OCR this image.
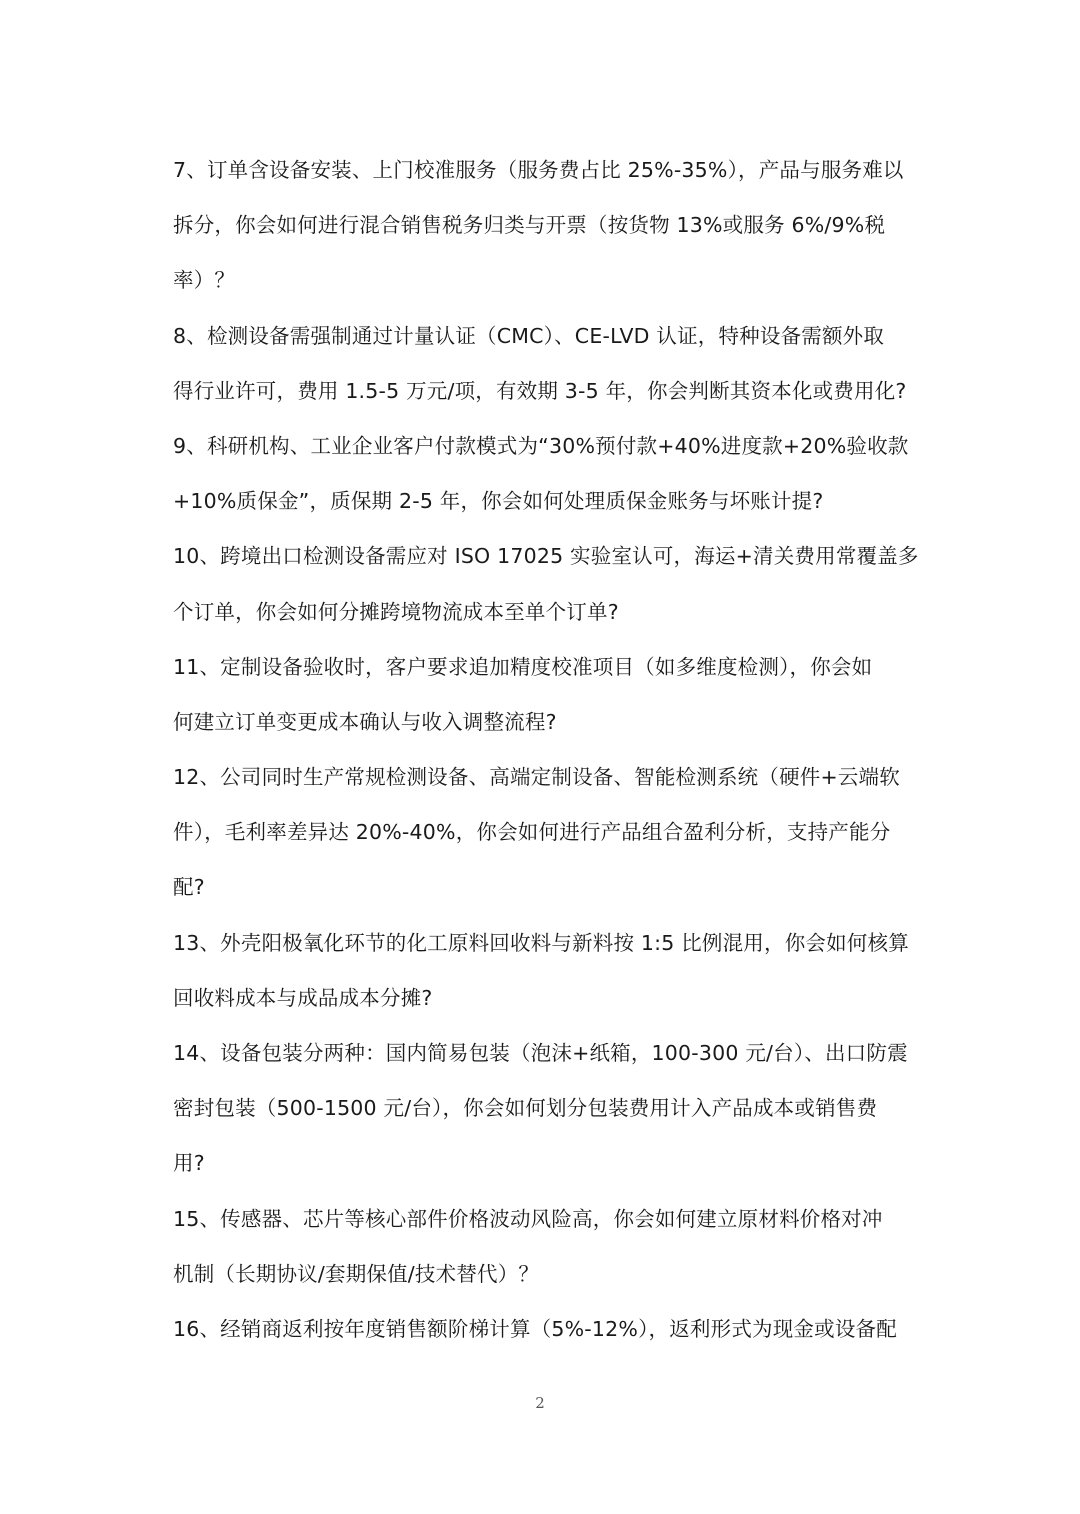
7、订单含设备安装、上门校准服务（服务费占比 25%-35%），产品与服务难以
拆分，你会如何进行混合销售税务归类与开票（按货物 13%或服务 6%/9%税
率）？
8、检测设备需强制通过计量认证（CMC）、CE-LVD 认证，特种设备需额外取
得行业许可，费用 1.5-5 万元/项，有效期 3-5 年，你会判断其资本化或费用化?
9、科研机构、工业企业客户付款模式为“30%预付款+40%进度款+20%验收款
+10%质保金”，质保期 2-5 年，你会如何处理质保金账务与坏账计提?
10、跨境出口检测设备需应对 ISO 17025 实验室认可，海运+清关费用常覆盖多
个订单，你会如何分摊跨境物流成本至单个订单?
11、定制设备验收时，客户要求追加精度校准项目（如多维度检测），你会如
何建立订单变更成本确认与收入调整流程?
12、公司同时生产常规检测设备、高端定制设备、智能检测系统（硬件+云端软
件），毛利率差异达 20%-40%，你会如何进行产品组合盈利分析，支持产能分
配?
13、外壳阳极氧化环节的化工原料回收料与新料按 1:5 比例混用，你会如何核算
回收料成本与成品成本分摊?
14、设备包装分两种：国内简易包装（泡沫+纸箱，100-300 元/台）、出口防震
密封包装（500-1500 元/台），你会如何划分包装费用计入产品成本或销售费
用?
15、传感器、芯片等核心部件价格波动风险高，你会如何建立原材料价格对冲
机制（长期协议/套期保值/技术替代）？
16、经销商返利按年度销售额阶梯计算（5%-12%），返利形式为现金或设备配
2
